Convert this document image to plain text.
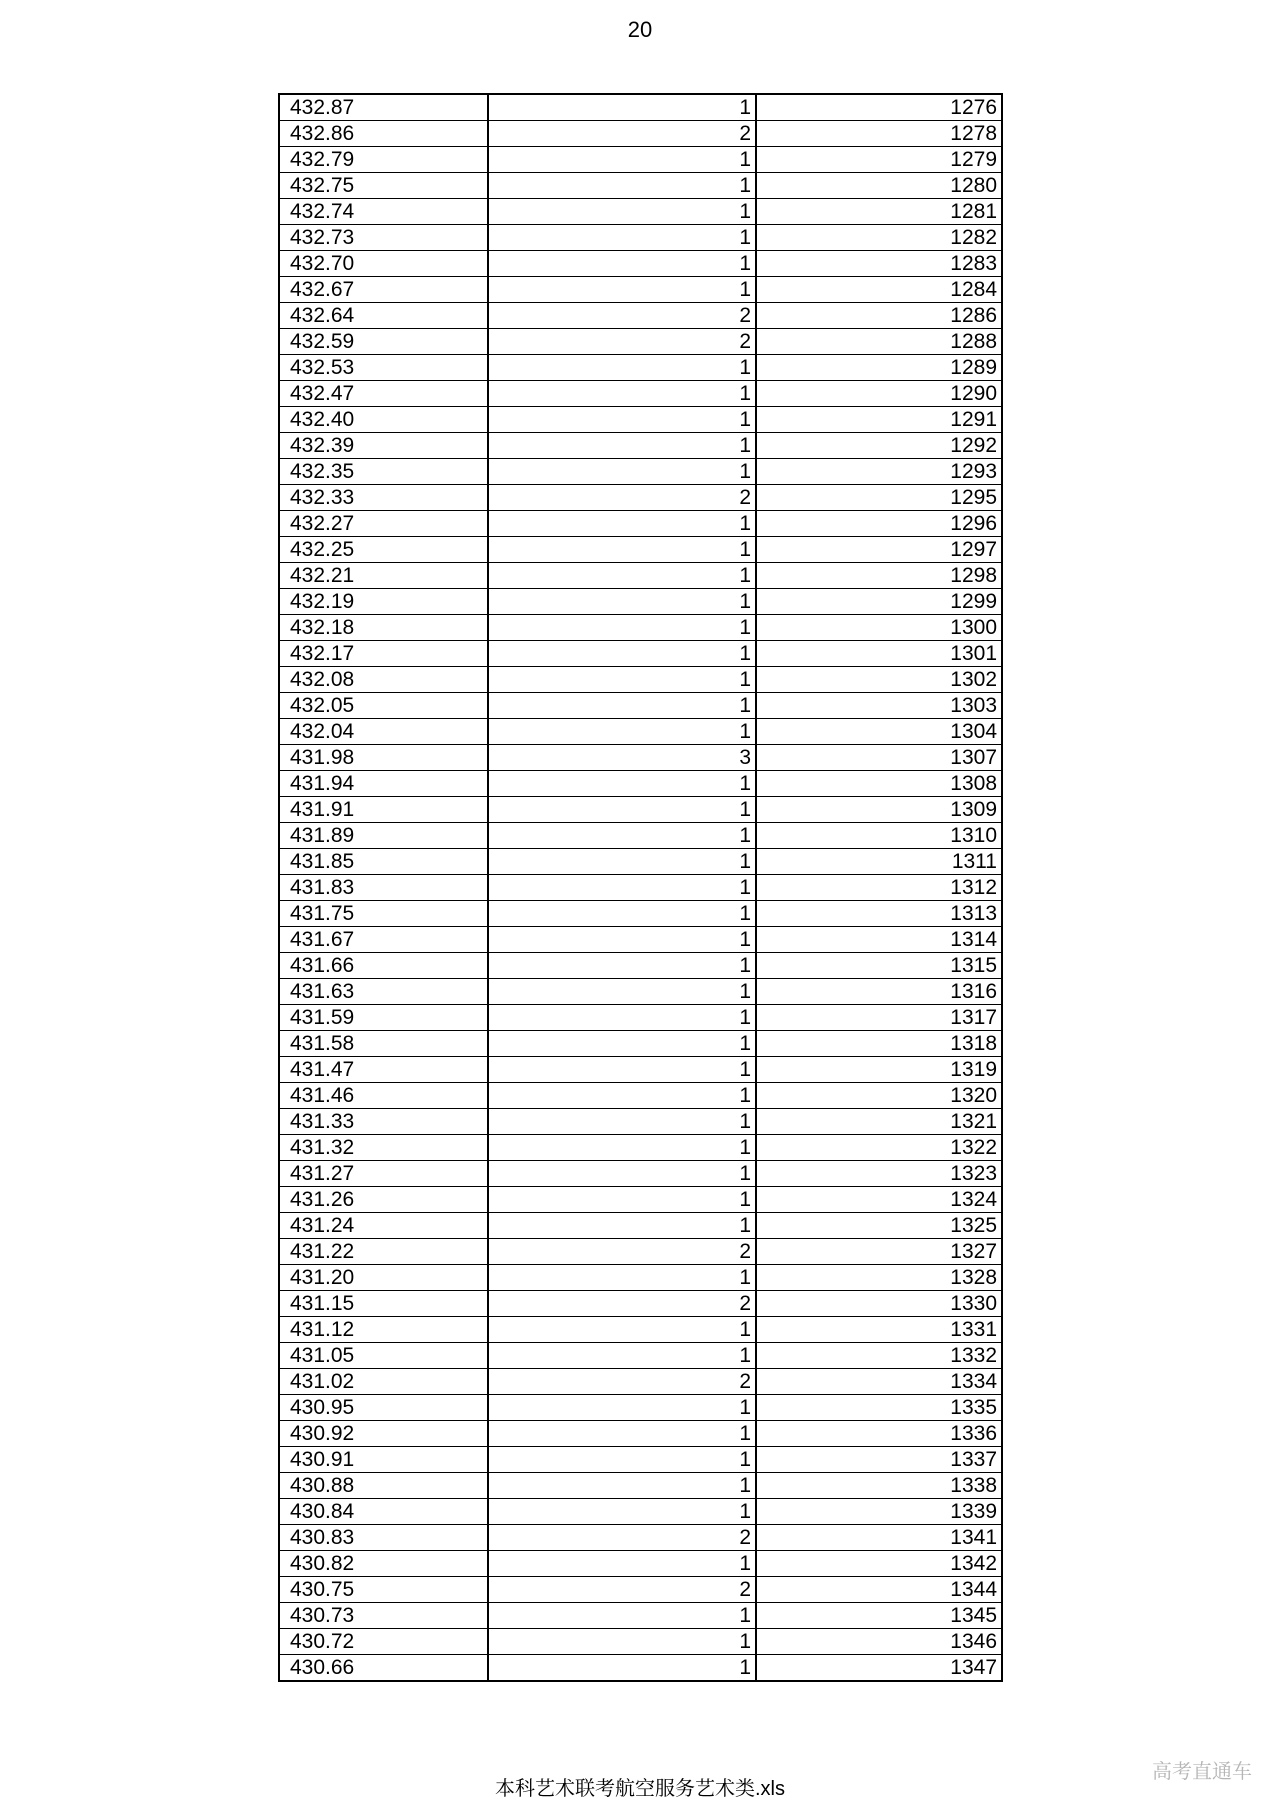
20
432.87	1	1276
432.86	2	1278
432.79	1	1279
432.75	1	1280
432.74	1	1281
432.73	1	1282
432.70	1	1283
432.67	1	1284
432.64	2	1286
432.59	2	1288
432.53	1	1289
432.47	1	1290
432.40	1	1291
432.39	1	1292
432.35	1	1293
432.33	2	1295
432.27	1	1296
432.25	1	1297
432.21	1	1298
432.19	1	1299
432.18	1	1300
432.17	1	1301
432.08	1	1302
432.05	1	1303
432.04	1	1304
431.98	3	1307
431.94	1	1308
431.91	1	1309
431.89	1	1310
431.85	1	1311
431.83	1	1312
431.75	1	1313
431.67	1	1314
431.66	1	1315
431.63	1	1316
431.59	1	1317
431.58	1	1318
431.47	1	1319
431.46	1	1320
431.33	1	1321
431.32	1	1322
431.27	1	1323
431.26	1	1324
431.24	1	1325
431.22	2	1327
431.20	1	1328
431.15	2	1330
431.12	1	1331
431.05	1	1332
431.02	2	1334
430.95	1	1335
430.92	1	1336
430.91	1	1337
430.88	1	1338
430.84	1	1339
430.83	2	1341
430.82	1	1342
430.75	2	1344
430.73	1	1345
430.72	1	1346
430.66	1	1347
本科艺术联考航空服务艺术类.xls
高考直通车
